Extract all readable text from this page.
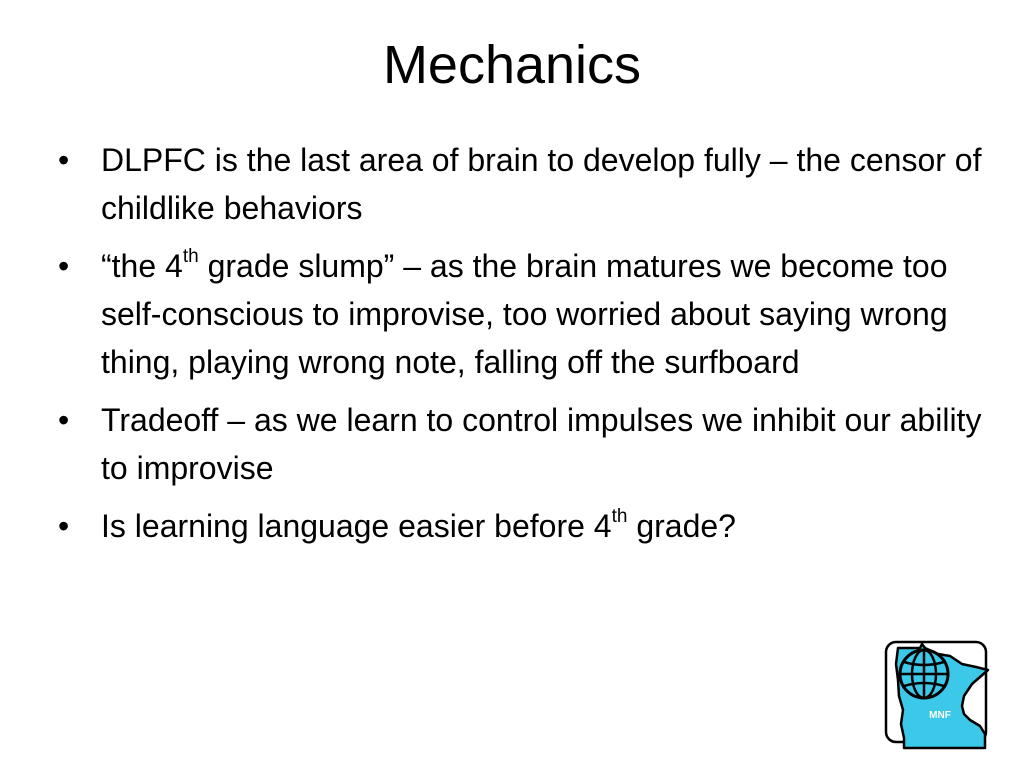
Mechanics
• DLPFC is the last area of brain to develop fully – the censor of childlike behaviors
• “the 4th grade slump” – as the brain matures we become too self-conscious to improvise, too worried about saying wrong thing, playing wrong note, falling off the surfboard
• Tradeoff – as we learn to control impulses we inhibit our ability to improvise
• Is learning language easier before 4th grade?
MNF
